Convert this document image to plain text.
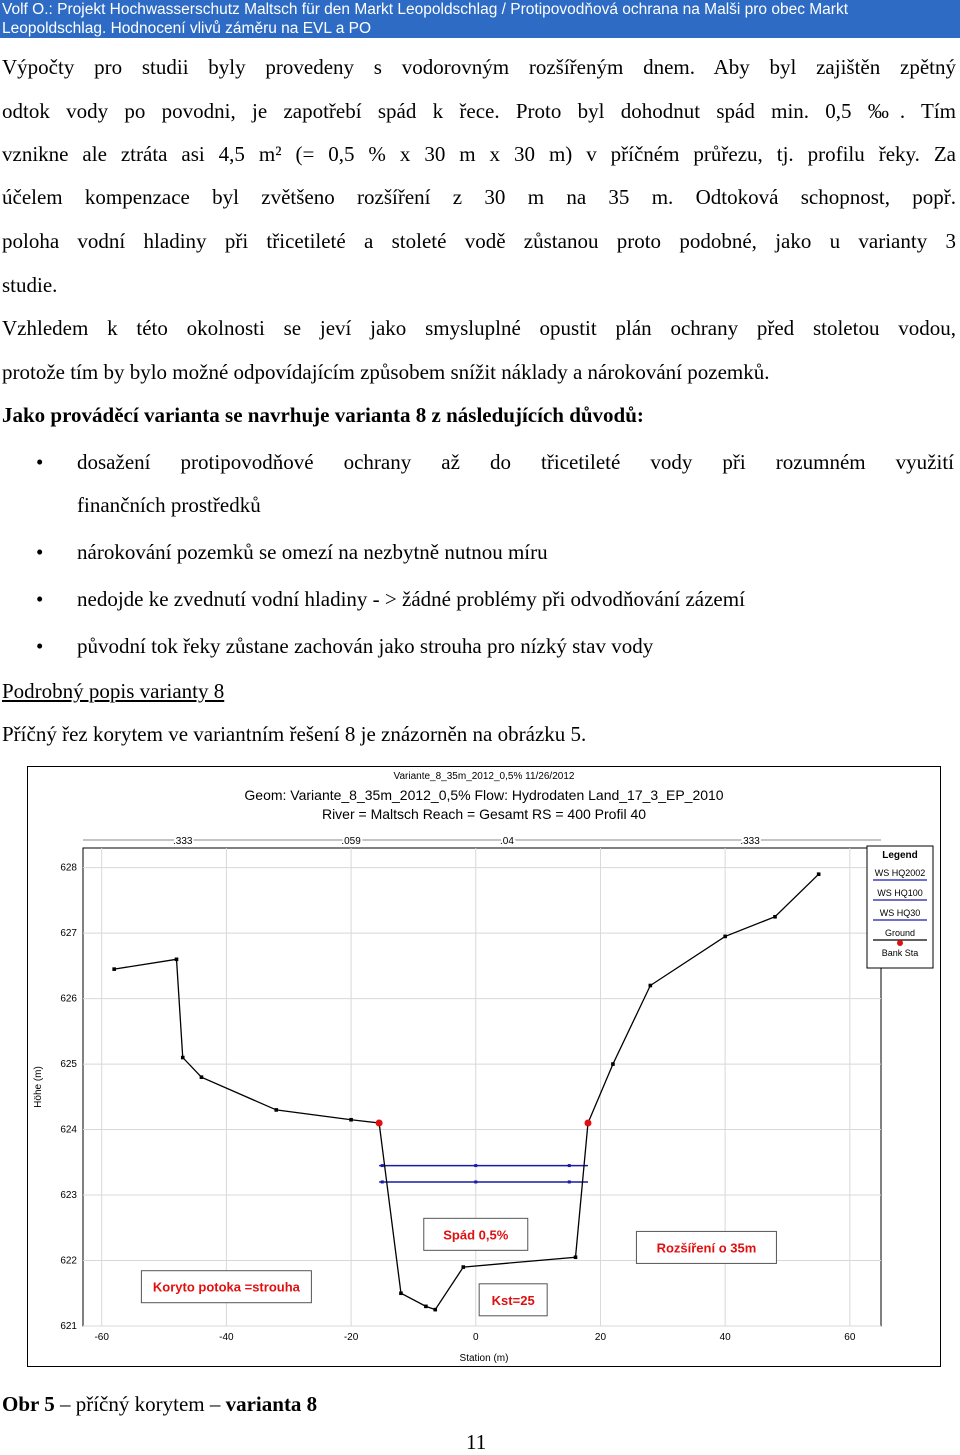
Volf O.: Projekt Hochwasserschutz Maltsch für den Markt Leopoldschlag / Protipovodňová ochrana na Malši pro obec Markt
Leopoldschlag. Hodnocení vlivů záměru na EVL a PO
Výpočty pro studii byly provedeny s vodorovným rozšířeným dnem. Aby byl zajištěn zpětný
odtok vody po povodni, je zapotřebí spád k řece. Proto byl dohodnut spád min. 0,5 ‰. Tím
vznikne ale ztráta asi 4,5 m² (= 0,5 % x 30 m x 30 m) v příčném průřezu, tj. profilu řeky. Za
účelem kompenzace byl zvětšeno rozšíření z 30 m na 35 m. Odtoková schopnost, popř.
poloha vodní hladiny při třicetileté a stoleté vodě zůstanou proto podobné, jako u varianty 3
studie.
Vzhledem k této okolnosti se jeví jako smysluplné opustit plán ochrany před stoletou vodou,
protože tím by bylo možné odpovídajícím způsobem snížit náklady a nárokování pozemků.
Jako prováděcí varianta se navrhuje varianta 8 z následujících důvodů:
• dosažení protipovodňové ochrany až do třicetileté vody při rozumném využití
finančních prostředků
• nárokování pozemků se omezí na nezbytně nutnou míru
• nedojde ke zvednutí vodní hladiny - > žádné problémy při odvodňování zázemí
• původní tok řeky zůstane zachován jako strouha pro nízký stav vody
Podrobný popis varianty 8
Příčný řez korytem ve variantním řešení 8 je znázorněn na obrázku 5.
Variante_8_35m_2012_0,5% 11/26/2012
Geom: Variante_8_35m_2012_0,5% Flow: Hydrodaten Land_17_3_EP_2010
River = Maltsch Reach = Gesamt RS = 400 Profil 40
-60	-40	-20	0	20	40	60
621
622
623
624
625
626
627
628
Station (m)
Höhe (m)
.333	.059	.04	.333
Spád 0,5%
Rozšíření o 35m
Koryto potoka =strouha
Kst=25
Legend
WS HQ2002
WS HQ100
WS HQ30
Ground
Bank Sta
Obr 5 – příčný korytem – varianta 8
11
